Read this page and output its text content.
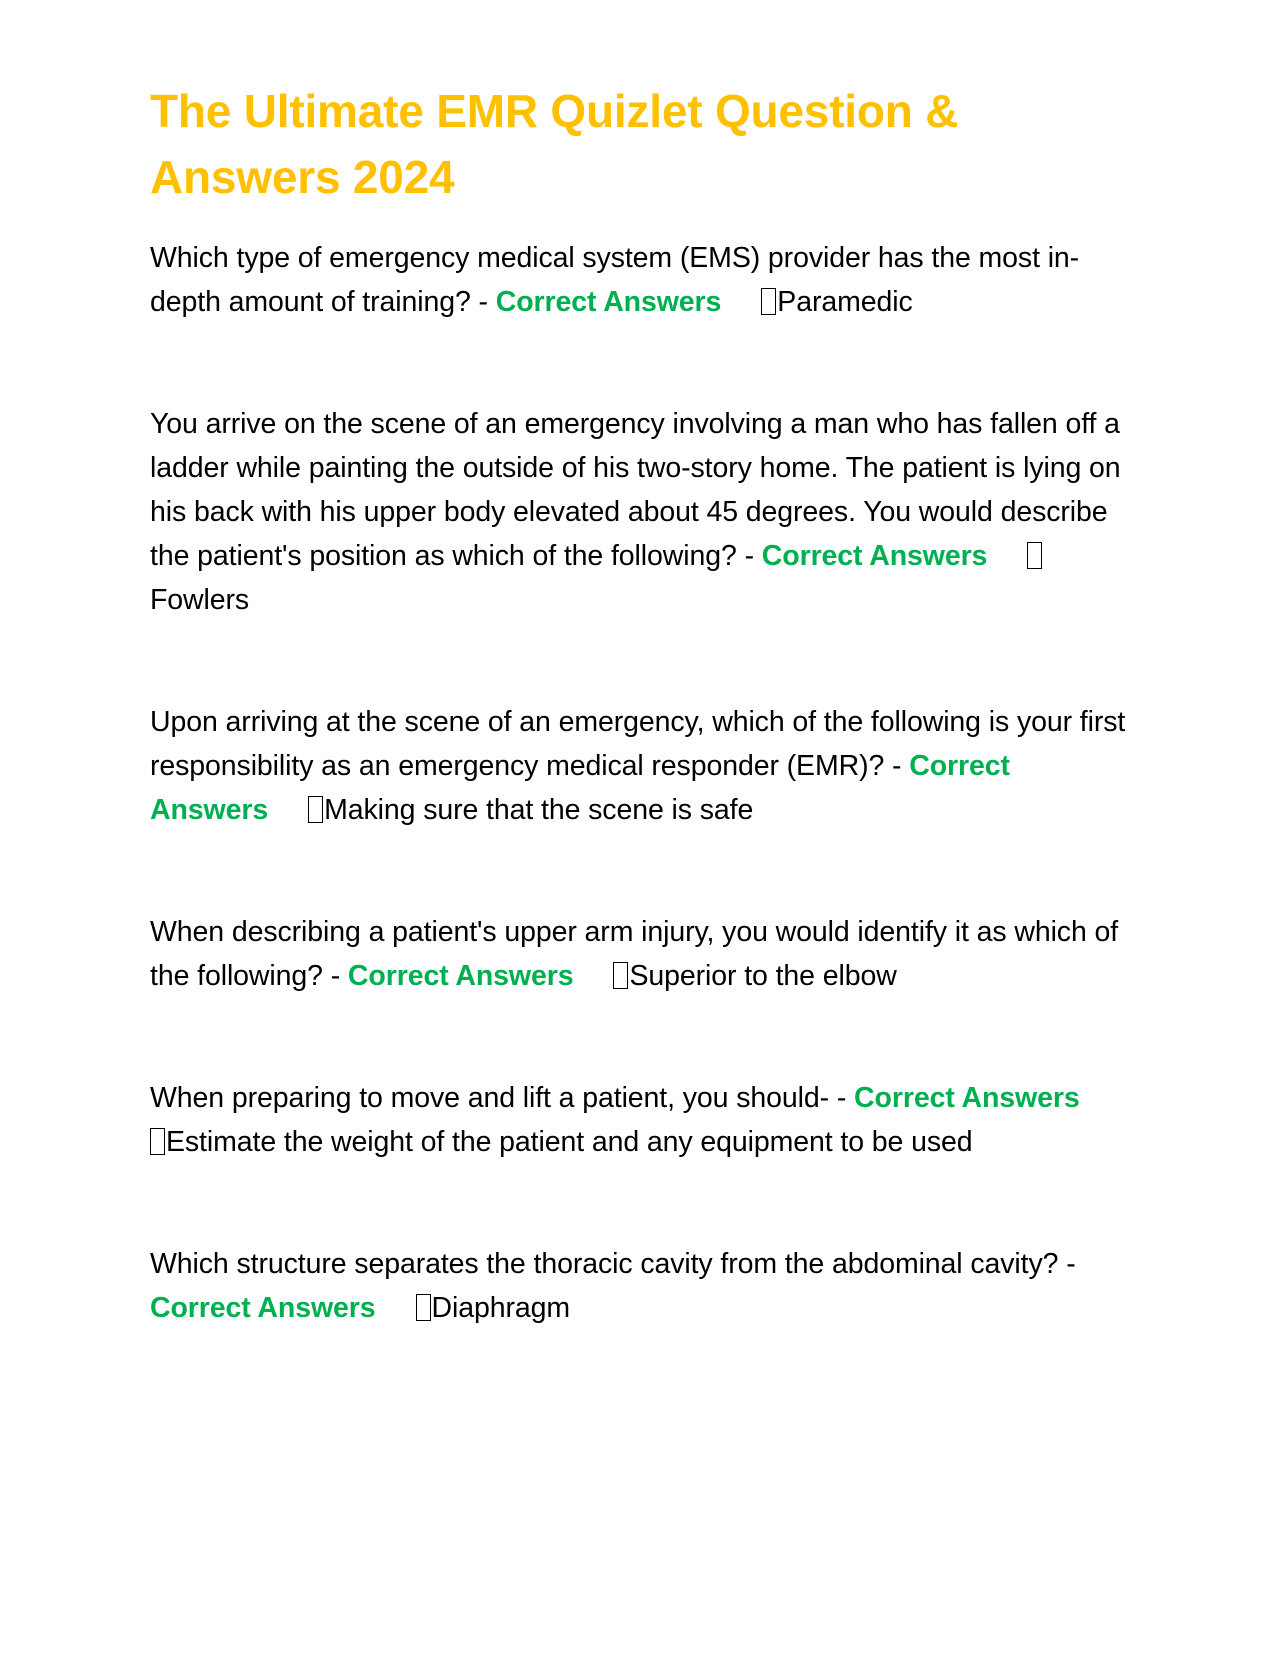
The Ultimate EMR Quizlet Question & Answers 2024

Which type of emergency medical system (EMS) provider has the most in-depth amount of training? - Correct Answers Paramedic

You arrive on the scene of an emergency involving a man who has fallen off a ladder while painting the outside of his two-story home. The patient is lying on his back with his upper body elevated about 45 degrees. You would describe the patient's position as which of the following? - Correct AnswersFowlers

Upon arriving at the scene of an emergency, which of the following is your first responsibility as an emergency medical responder (EMR)? - Correct Answers Making sure that the scene is safe

When describing a patient's upper arm injury, you would identify it as which of the following? - Correct Answers Superior to the elbow

When preparing to move and lift a patient, you should- - Correct AnswersEstimate the weight of the patient and any equipment to be used

Which structure separates the thoracic cavity from the abdominal cavity? - Correct Answers Diaphragm
